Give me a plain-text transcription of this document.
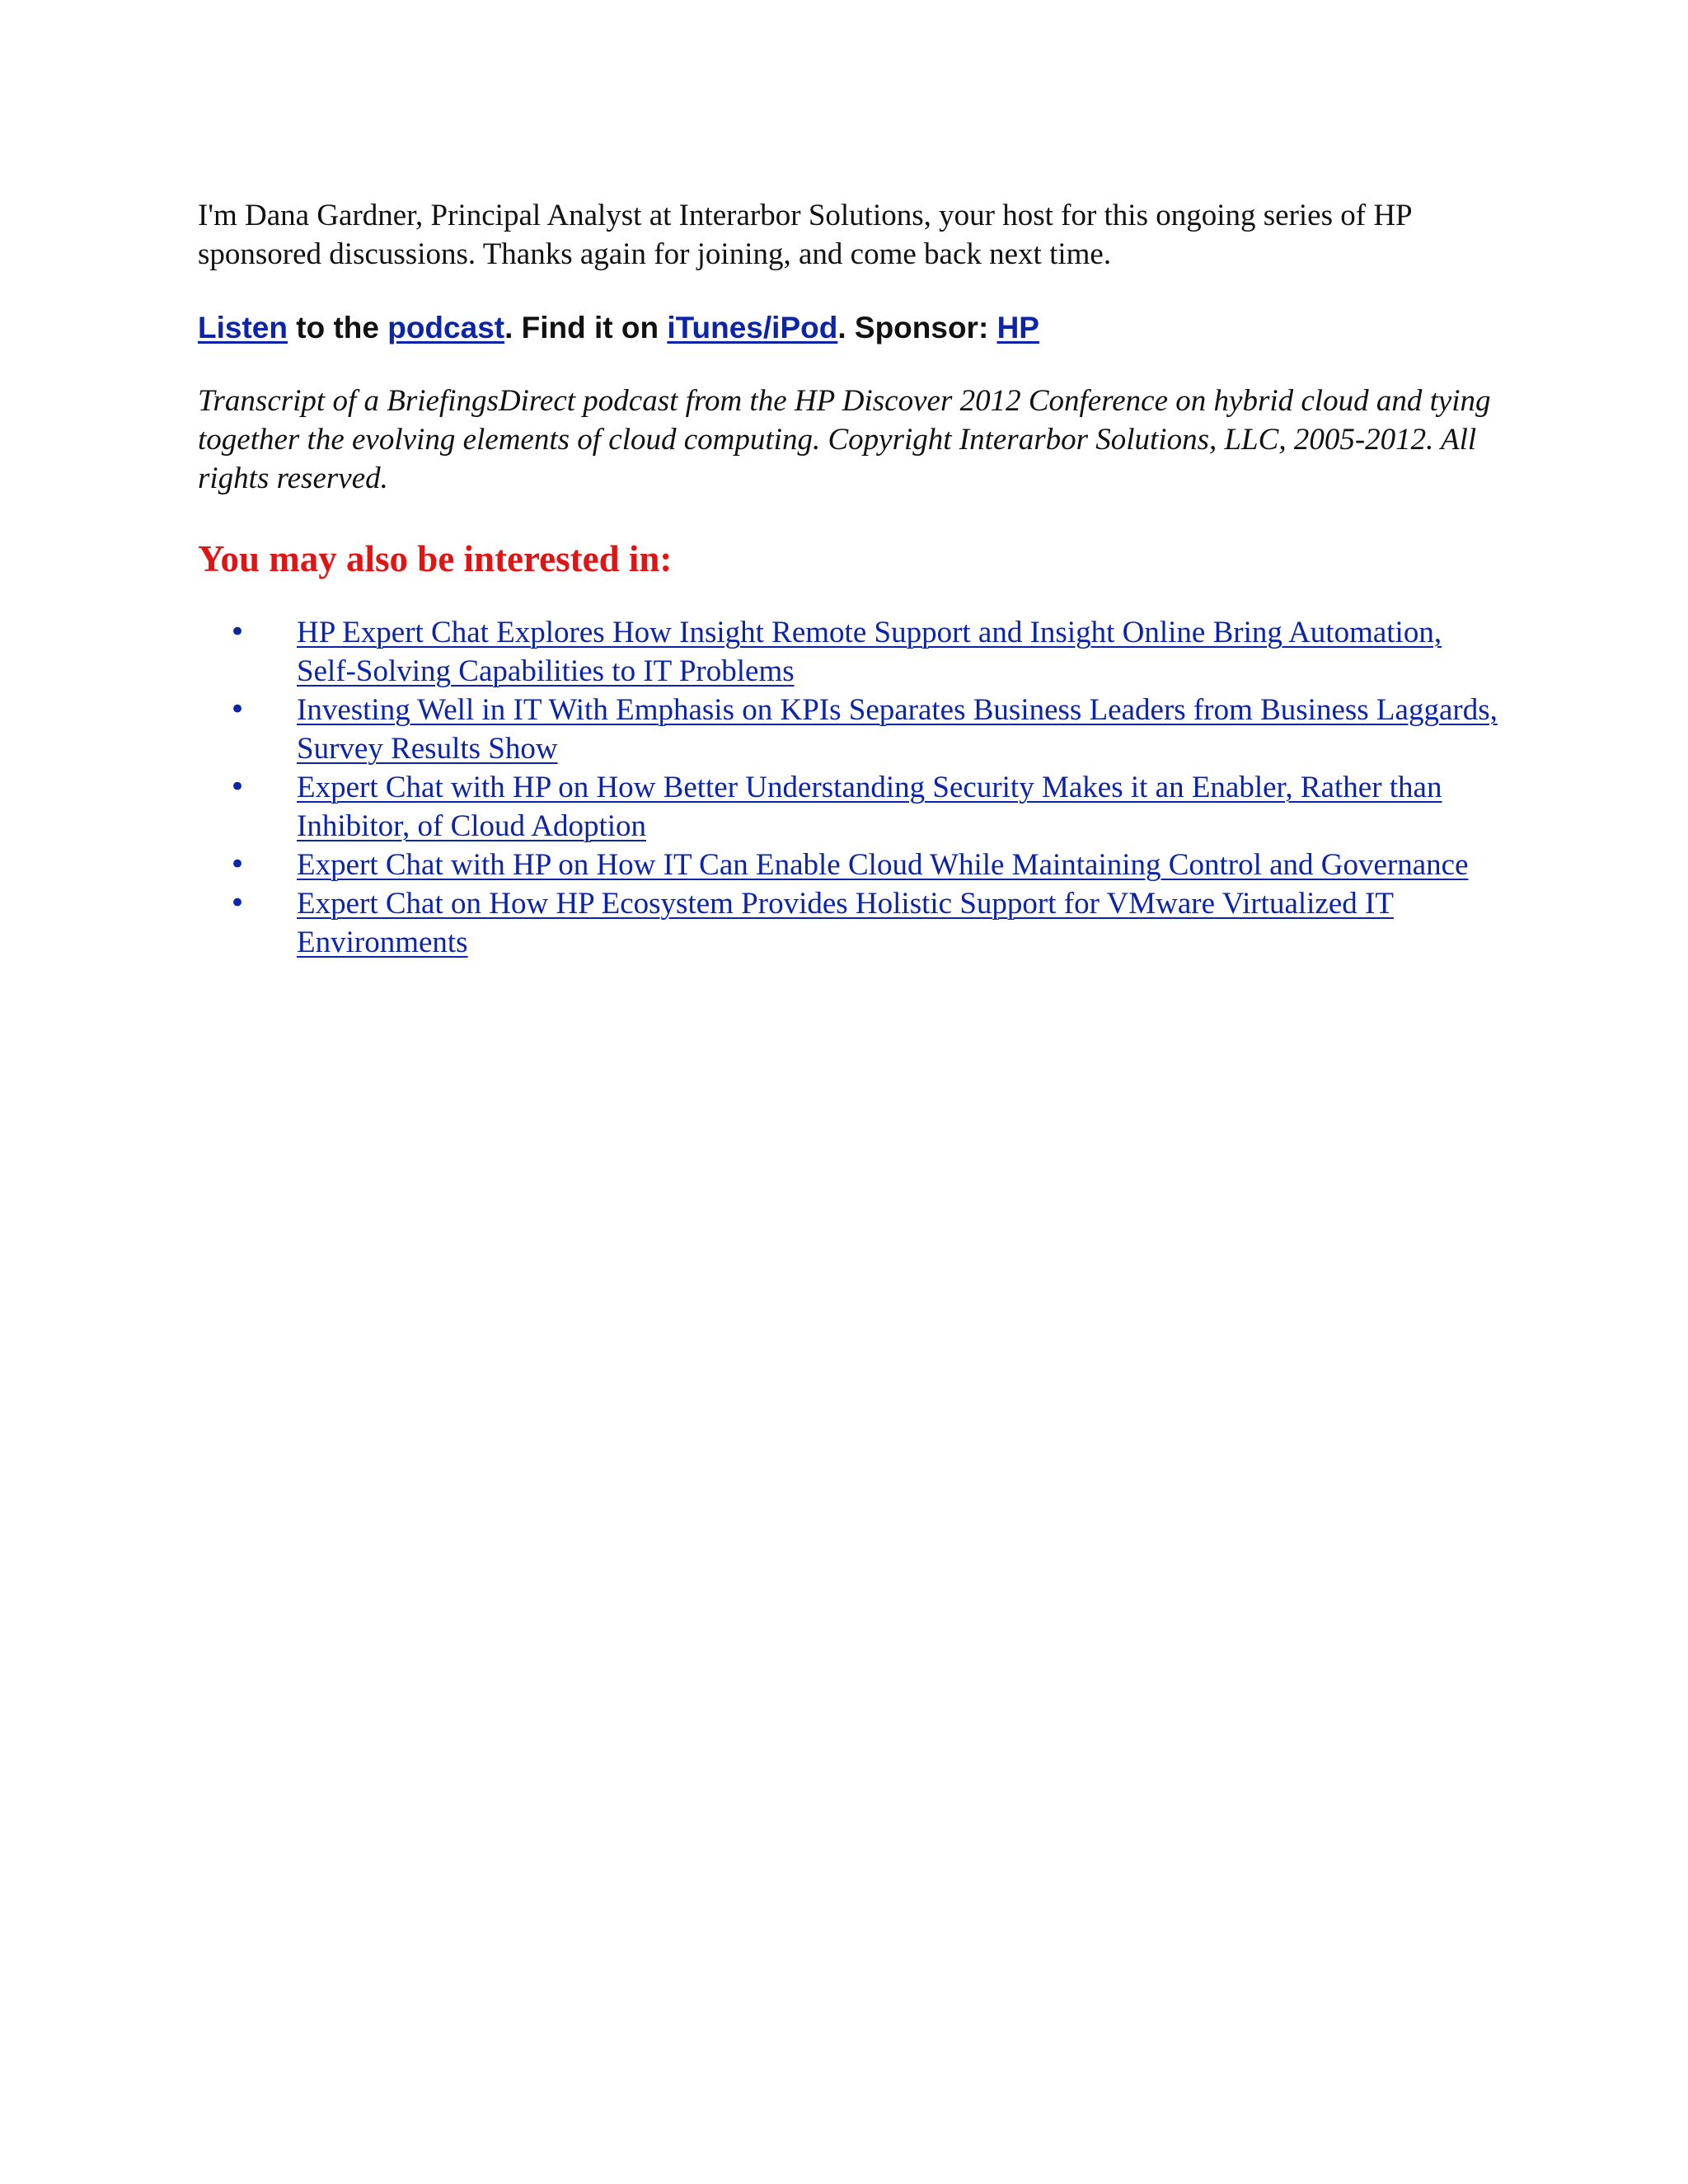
I'm Dana Gardner, Principal Analyst at Interarbor Solutions, your host for this ongoing series of HP sponsored discussions. Thanks again for joining, and come back next time.

Listen to the podcast. Find it on iTunes/iPod. Sponsor: HP

Transcript of a BriefingsDirect podcast from the HP Discover 2012 Conference on hybrid cloud and tying together the evolving elements of cloud computing. Copyright Interarbor Solutions, LLC, 2005-2012. All rights reserved.

You may also be interested in:
• HP Expert Chat Explores How Insight Remote Support and Insight Online Bring Automation, Self-Solving Capabilities to IT Problems
• Investing Well in IT With Emphasis on KPIs Separates Business Leaders from Business Laggards, Survey Results Show
• Expert Chat with HP on How Better Understanding Security Makes it an Enabler, Rather than Inhibitor, of Cloud Adoption
• Expert Chat with HP on How IT Can Enable Cloud While Maintaining Control and Governance
• Expert Chat on How HP Ecosystem Provides Holistic Support for VMware Virtualized IT Environments
